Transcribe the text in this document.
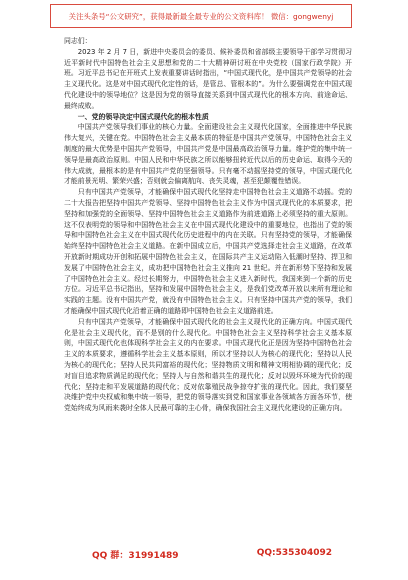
关注头条号“公文研究”，获得最新最全最专业的公文资料库！ 微信：gongwenyj

同志们：

2023 年 2 月 7 日，新进中央委员会的委员、候补委员和省部级主要领导干部学习贯彻习近平新时代中国特色社会主义思想和党的二十大精神研讨班在中央党校（国家行政学院）开班。习近平总书记在开班式上发表重要讲话时指出，“中国式现代化，是中国共产党领导的社会主义现代化。这是对中国式现代化定性的话，是管总、管根本的”。为什么要强调党在中国式现代化建设中的领导地位？这是因为党的领导直接关系到中国式现代化的根本方向、前途命运、最终成败。

一、党的领导决定中国式现代化的根本性质

中国共产党领导我们事业的核心力量。全面建设社会主义现代化国家，全面推进中华民族伟大复兴，关键在党。中国特色社会主义最本质的特征是中国共产党领导，中国特色社会主义制度的最大优势是中国共产党领导，中国共产党是中国最高政治领导力量。维护党的集中统一领导是最高政治原则。中国人民和中华民族之所以能够扭转近代以后的历史命运、取得今天的伟大成就，最根本的是有中国共产党的坚强领导。只有毫不动摇坚持党的领导，中国式现代化才能前景光明、繁荣兴盛；否则就会偏离航向、丧失灵魂，甚至犯颠覆性错误。

只有中国共产党领导，才能确保中国式现代化坚持走中国特色社会主义道路不动摇。党的二十大报告把坚持中国共产党领导、坚持中国特色社会主义作为中国式现代化的本质要求，把坚持和加强党的全面领导、坚持中国特色社会主义道路作为前进道路上必须坚持的重大原则。这不仅表明党的领导和中国特色社会主义在中国式现代化建设中的重要地位，也指出了党的领导和中国特色社会主义在中国式现代化历史进程中的内在关联。只有坚持党的领导，才能确保始终坚持中国特色社会主义道路。在新中国成立后，中国共产党选择走社会主义道路，在改革开放新时期成功开创和拓展中国特色社会主义，在国际共产主义运动陷入低潮时坚持、捍卫和发展了中国特色社会主义，成功把中国特色社会主义推向 21 世纪。并在新形势下坚持和发展了中国特色社会主义。经过长期努力，中国特色社会主义进入新时代，我国来到一个新的历史方位。习近平总书记指出，坚持和发展中国特色社会主义，是我们党改革开放以来所有理论和实践的主题。没有中国共产党，就没有中国特色社会主义。只有坚持中国共产党的领导，我们才能确保中国式现代化沿着正确的道路即中国特色社会主义道路前进。

只有中国共产党领导，才能确保中国式现代化的社会主义现代化的正确方向。中国式现代化是社会主义现代化，而不是别的什么现代化。中国特色社会主义坚持科学社会主义基本原则，中国式现代化也体现科学社会主义的内在要求。中国式现代化正是因为坚持中国特色社会主义的本质要求，遵循科学社会主义基本原则，所以才坚持以人为核心的现代化；坚持以人民为核心的现代化；坚持人民共同富裕的现代化；坚持物质文明和精神文明相协调的现代化；反对盲目追求物质满足的现代化；坚持人与自然和谐共生的现代化；反对以毁坏环境为代价的现代化；坚持走和平发展道路的现代化；反对依靠殖民战争掠夺扩张的现代化。因此，我们要坚决维护党中央权威和集中统一领导，把党的领导落实到党和国家事业各领域各方面各环节，使党始终成为风雨来袭时全体人民最可靠的主心骨，确保我国社会主义现代化建设的正确方向。

QQ 群：31991489	QQ:535304092
